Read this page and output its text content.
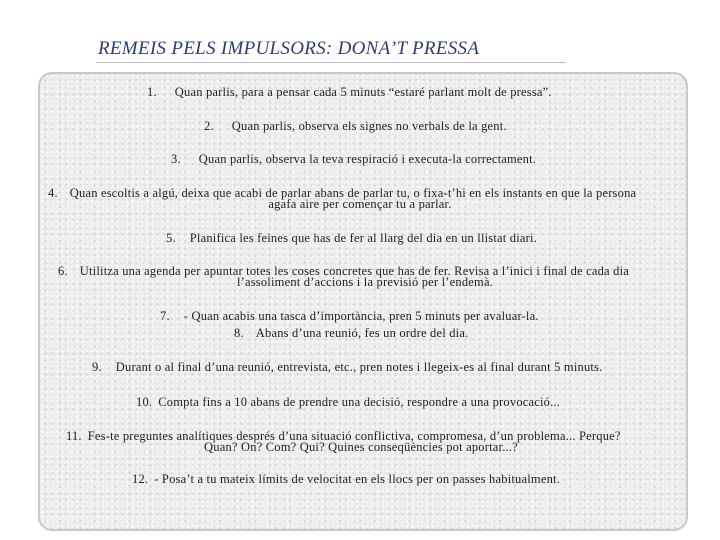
REMEIS PELS IMPULSORS: DONA’T PRESSA
1. Quan parlis, para a pensar cada 5 minuts “estaré parlant molt de pressa”.
2. Quan parlis, observa els signes no verbals de la gent.
3. Quan parlis, observa la teva respiració i executa-la correctament.
4. Quan escoltis a algú, deixa que acabi de parlar abans de parlar tu, o fixa-t’hi en els instants en que la persona
agafa aire per començar tu a parlar.
5. Planifica les feines que has de fer al llarg del dia en un llistat diari.
6. Utilitza una agenda per apuntar totes les coses concretes que has de fer. Revisa a l’inici i final de cada dia
l’assoliment d’accions i la previsió per l’endemà.
7. - Quan acabis una tasca d’importància, pren 5 minuts per avaluar-la.
8. Abans d’una reunió, fes un ordre del dia.
9. Durant o al final d’una reunió, entrevista, etc., pren notes i llegeix-es al final durant 5 minuts.
10. Compta fins a 10 abans de prendre una decisió, respondre a una provocació...
11. Fes-te preguntes analítiques després d’una situació conflictiva, compromesa, d’un problema... Perque?
Quan? On? Com? Qui? Quines conseqüències pot aportar...?
12. - Posa’t a tu mateix límits de velocitat en els llocs per on passes habitualment.
